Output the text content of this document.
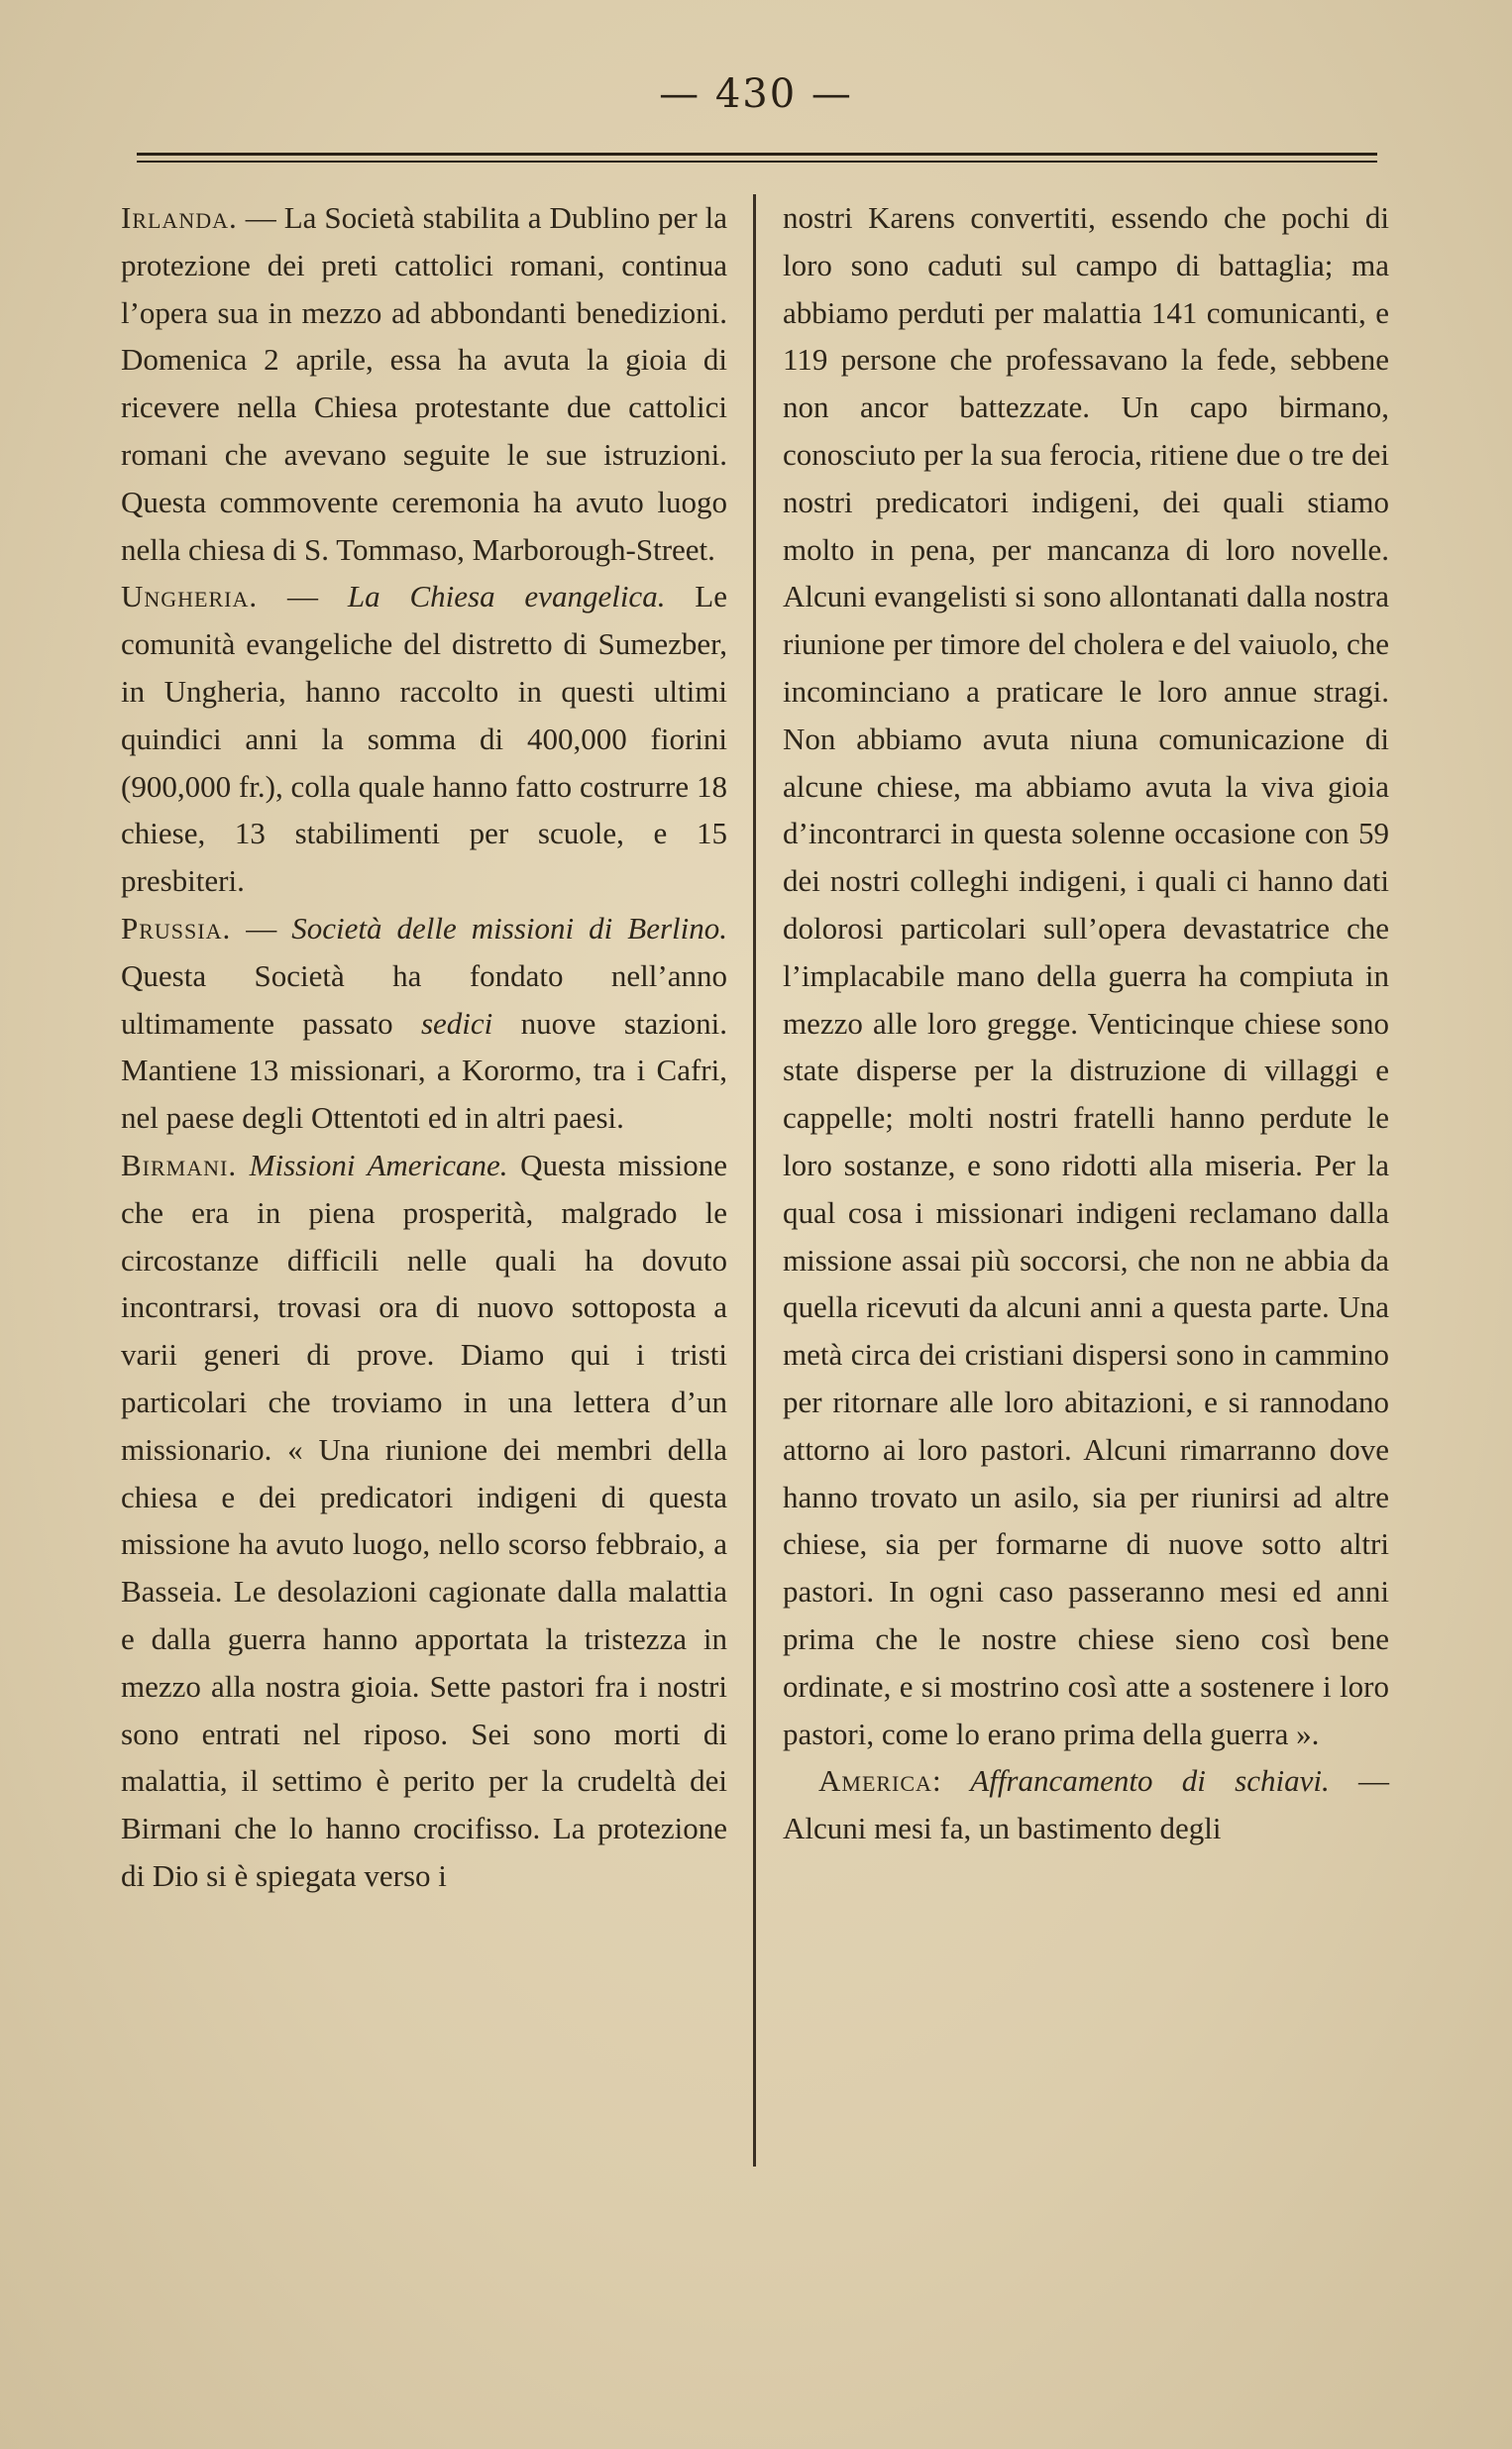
— 430 —

Irlanda. — La Società stabilita a Dublino per la protezione dei preti cattolici romani, continua l’opera sua in mezzo ad abbondanti benedizioni. Domenica 2 aprile, essa ha avuta la gioia di ricevere nella Chiesa protestante due cattolici romani che avevano seguite le sue istruzioni. Questa commovente ceremonia ha avuto luogo nella chiesa di S. Tommaso, Marborough-Street.

Ungheria. — La Chiesa evangelica. Le comunità evangeliche del distretto di Sumezber, in Ungheria, hanno raccolto in questi ultimi quindici anni la somma di 400,000 fiorini (900,000 fr.), colla quale hanno fatto costrurre 18 chiese, 13 stabilimenti per scuole, e 15 presbiteri.

Prussia. — Società delle missioni di Berlino. Questa Società ha fondato nell’anno ultimamente passato sedici nuove stazioni. Mantiene 13 missionari, a Korormo, tra i Cafri, nel paese degli Ottentoti ed in altri paesi.

Birmani. Missioni Americane. Questa missione che era in piena prosperità, malgrado le circostanze difficili nelle quali ha dovuto incontrarsi, trovasi ora di nuovo sottoposta a varii generi di prove. Diamo qui i tristi particolari che troviamo in una lettera d’un missionario. « Una riunione dei membri della chiesa e dei predicatori indigeni di questa missione ha avuto luogo, nello scorso febbraio, a Basseia. Le desolazioni cagionate dalla malattia e dalla guerra hanno apportata la tristezza in mezzo alla nostra gioia. Sette pastori fra i nostri sono entrati nel riposo. Sei sono morti di malattia, il settimo è perito per la crudeltà dei Birmani che lo hanno crocifisso. La protezione di Dio si è spiegata verso i

nostri Karens convertiti, essendo che pochi di loro sono caduti sul campo di battaglia; ma abbiamo perduti per malattia 141 comunicanti, e 119 persone che professavano la fede, sebbene non ancor battezzate. Un capo birmano, conosciuto per la sua ferocia, ritiene due o tre dei nostri predicatori indigeni, dei quali stiamo molto in pena, per mancanza di loro novelle. Alcuni evangelisti si sono allontanati dalla nostra riunione per timore del cholera e del vaiuolo, che incominciano a praticare le loro annue stragi. Non abbiamo avuta niuna comunicazione di alcune chiese, ma abbiamo avuta la viva gioia d’incontrarci in questa solenne occasione con 59 dei nostri colleghi indigeni, i quali ci hanno dati dolorosi particolari sull’opera devastatrice che l’implacabile mano della guerra ha compiuta in mezzo alle loro gregge. Venticinque chiese sono state disperse per la distruzione di villaggi e cappelle; molti nostri fratelli hanno perdute le loro sostanze, e sono ridotti alla miseria. Per la qual cosa i missionari indigeni reclamano dalla missione assai più soccorsi, che non ne abbia da quella ricevuti da alcuni anni a questa parte. Una metà circa dei cristiani dispersi sono in cammino per ritornare alle loro abitazioni, e si rannodano attorno ai loro pastori. Alcuni rimarranno dove hanno trovato un asilo, sia per riunirsi ad altre chiese, sia per formarne di nuove sotto altri pastori. In ogni caso passeranno mesi ed anni prima che le nostre chiese sieno così bene ordinate, e si mostrino così atte a sostenere i loro pastori, come lo erano prima della guerra ».

America: Affrancamento di schiavi. — Alcuni mesi fa, un bastimento degli
